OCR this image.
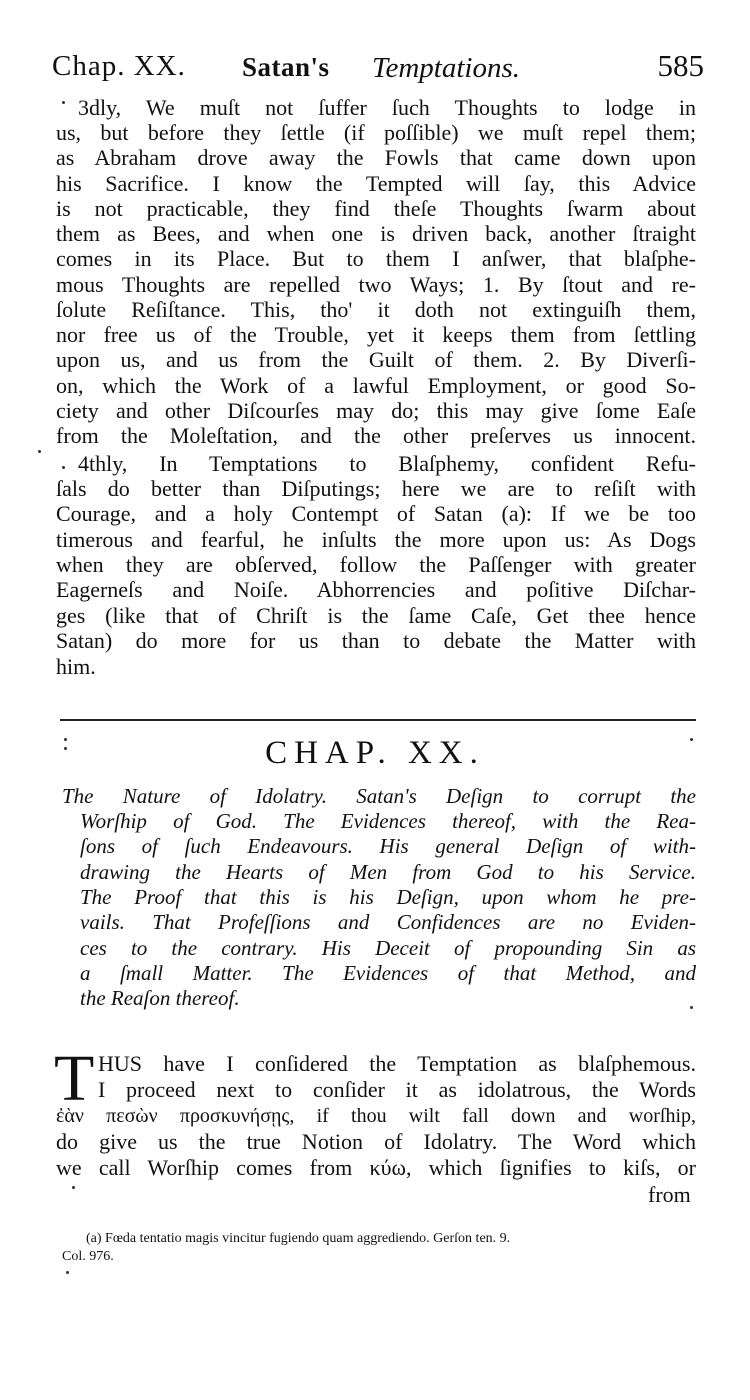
Chap. XX. Satan's Temptations.	585

3dly, We muſt not ſuffer ſuch Thoughts to lodge in

us, but before they ſettle (if poſſible) we muſt repel them;

as Abraham drove away the Fowls that came down upon

his Sacrifice. I know the Tempted will ſay, this Advice

is not practicable, they find theſe Thoughts ſwarm about

them as Bees, and when one is driven back, another ſtraight

comes in its Place. But to them I anſwer, that blaſphe-

mous Thoughts are repelled two Ways; 1. By ſtout and re-

ſolute Reſiſtance. This, tho' it doth not extinguiſh them,

nor free us of the Trouble, yet it keeps them from ſettling

upon us, and us from the Guilt of them. 2. By Diverſi-

on, which the Work of a lawful Employment, or good So-

ciety and other Diſcourſes may do; this may give ſome Eaſe

from the Moleſtation, and the other preſerves us innocent.

4thly, In Temptations to Blaſphemy, confident Refu-

ſals do better than Diſputings; here we are to reſiſt with

Courage, and a holy Contempt of Satan (a): If we be too

timerous and fearful, he inſults the more upon us: As Dogs

when they are obſerved, follow the Paſſenger with greater

Eagerneſs and Noiſe. Abhorrencies and poſitive Diſchar-

ges (like that of Chriſt is the ſame Caſe, Get thee hence

Satan) do more for us than to debate the Matter with

him.

CHAP. XX.

The Nature of Idolatry. Satan's Deſign to corrupt the

Worſhip of God. The Evidences thereof, with the Rea-

ſons of ſuch Endeavours. His general Deſign of with-

drawing the Hearts of Men from God to his Service.

The Proof that this is his Deſign, upon whom he pre-

vails. That Profeſſions and Confidences are no Eviden-

ces to the contrary. His Deceit of propounding Sin as

a ſmall Matter. The Evidences of that Method, and

the Reaſon thereof.

T HUS have I conſidered the Temptation as blaſphemous.

I proceed next to conſider it as idolatrous, the Words

ἐὰν πεσὼν προσκυνήσῃς, if thou wilt fall down and worſhip,

do give us the true Notion of Idolatry. The Word which

we call Worſhip comes from κύω, which ſignifies to kiſs, or

from

(a) Fœda tentatio magis vincitur fugiendo quam aggrediendo. Gerſon ten. 9.

Col. 976.
